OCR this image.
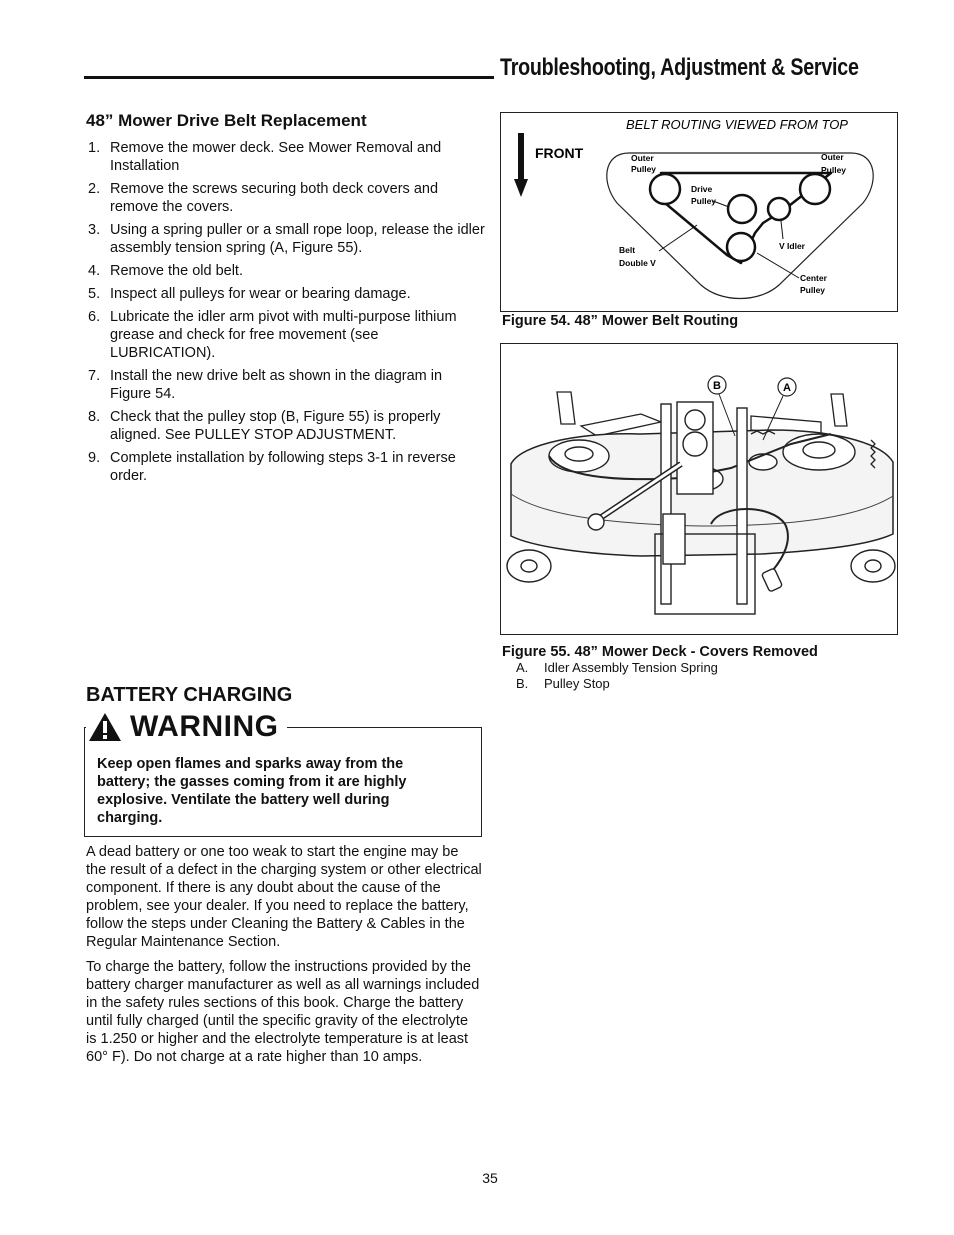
Troubleshooting, Adjustment & Service
48” Mower Drive Belt Replacement
1. Remove the mower deck. See Mower Removal and Installation
2. Remove the screws securing both deck covers and remove the covers.
3. Using a spring puller or a small rope loop, release the idler assembly tension spring (A, Figure 55).
4. Remove the old belt.
5. Inspect all pulleys for wear or bearing damage.
6. Lubricate the idler arm pivot with multi-purpose lithium grease and check for free movement (see LUBRICATION).
7. Install the new drive belt as shown in the diagram in Figure 54.
8. Check that the pulley stop (B, Figure 55) is properly aligned. See PULLEY STOP ADJUSTMENT.
9. Complete installation by following steps 3-1 in reverse order.
BELT ROUTING VIEWED FROM TOP
FRONT	Outer
Pulley
Outer
Pulley
Drive
Pulley
Belt
Double V
V Idler
Center
Pulley
Figure 54. 48” Mower Belt Routing
B	A
Figure 55. 48” Mower Deck - Covers Removed
A. Idler Assembly Tension Spring
B. Pulley Stop
BATTERY CHARGING
WARNING
Keep open flames and sparks away from the battery; the gasses coming from it are highly explosive. Ventilate the battery well during charging.

A dead battery or one too weak to start the engine may be the result of a defect in the charging system or other electrical component. If there is any doubt about the cause of the problem, see your dealer. If you need to replace the battery, follow the steps under Cleaning the Battery & Cables in the Regular Maintenance Section.

To charge the battery, follow the instructions provided by the battery charger manufacturer as well as all warnings included in the safety rules sections of this book. Charge the battery until fully charged (until the specific gravity of the electrolyte is 1.250 or higher and the electrolyte temperature is at least 60° F). Do not charge at a rate higher than 10 amps.

35
